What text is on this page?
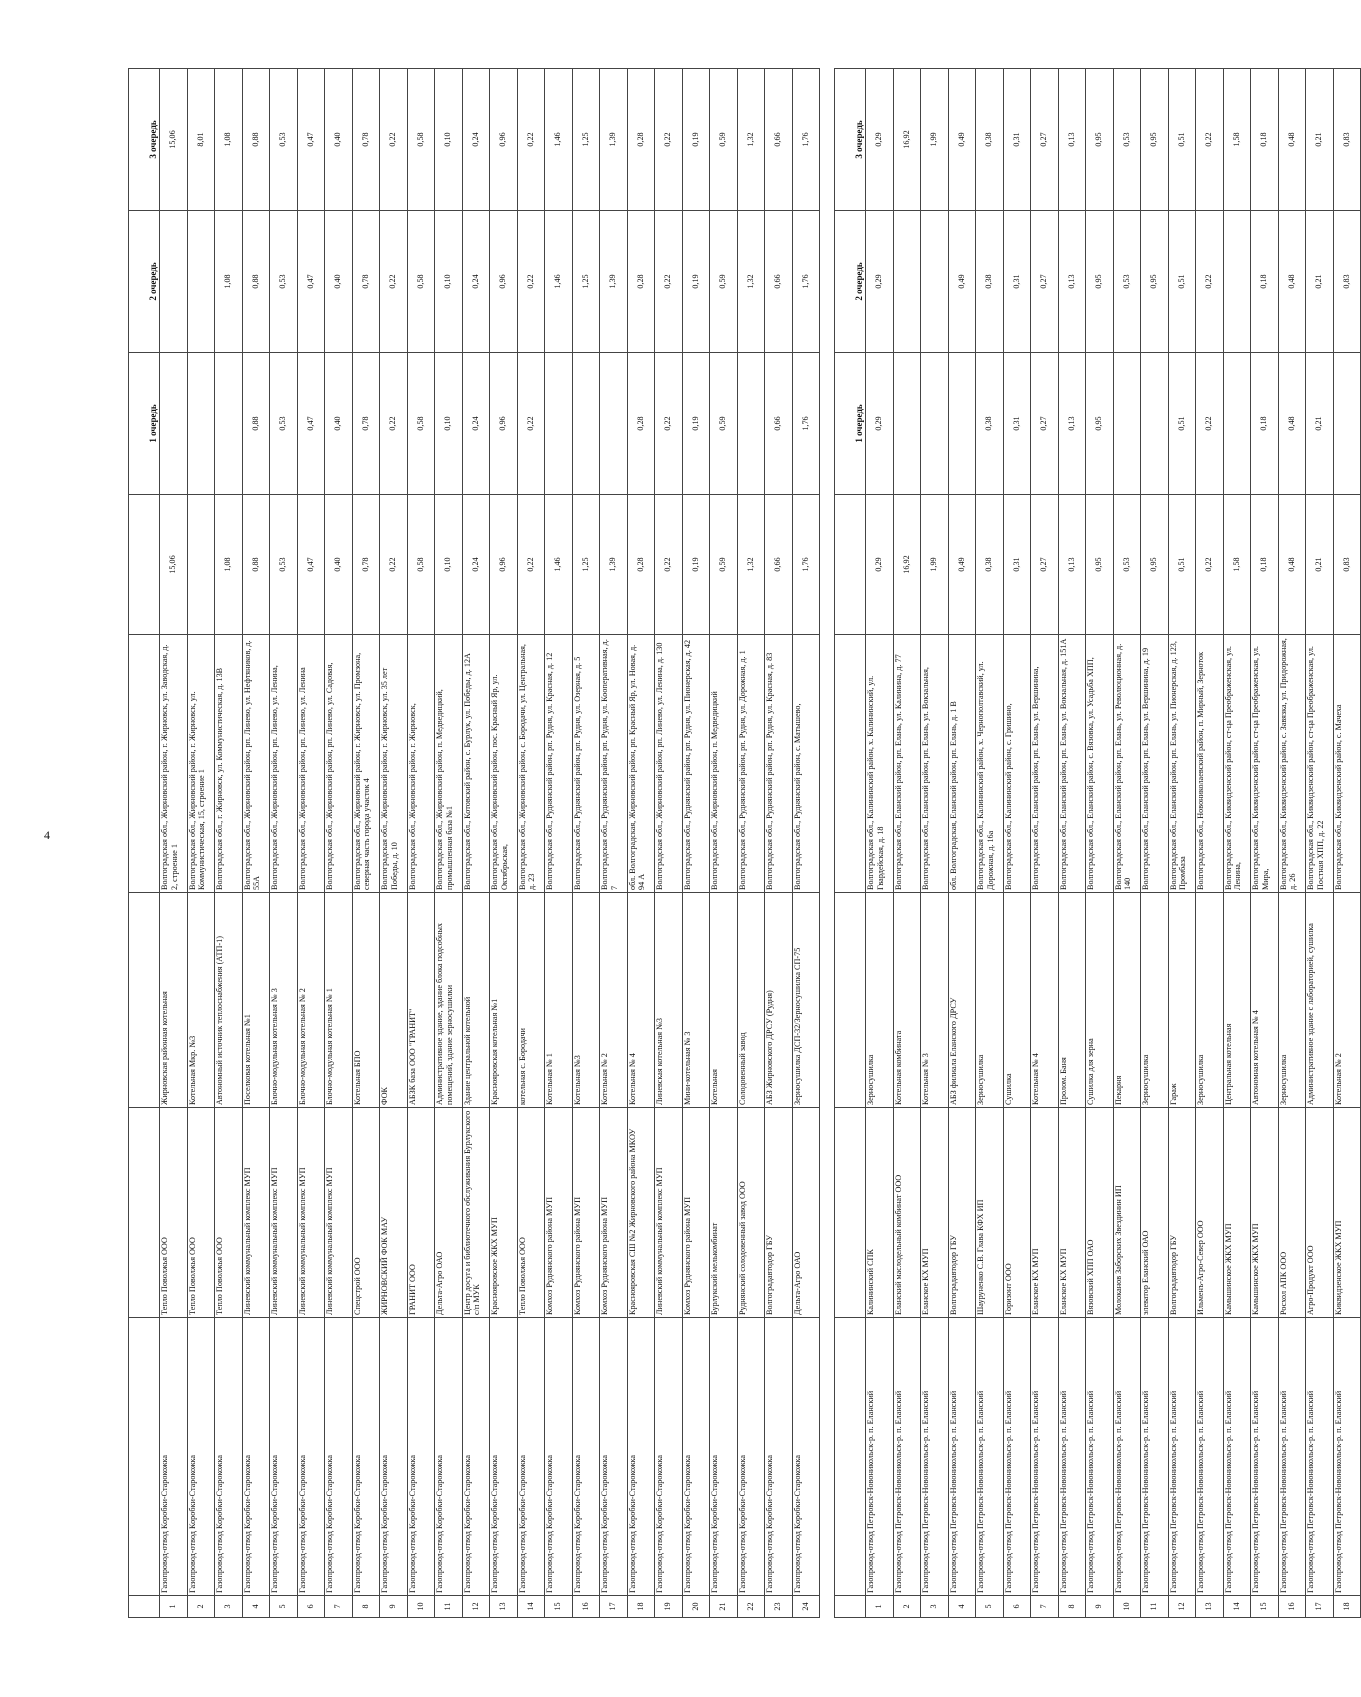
4
						1 очередь	2 очередь	3 очередь
1	Газопровод-отвод Коробки-Старокожка	Тепло Поволжья ООО	Жирновская районная котельная	Волгоградская обл., Жирновский район, г. Жирновск, ул. Заводская, д. 2, строение 1	15,06			15,06
2	Газопровод-отвод Коробки-Старокожка	Тепло Поволжья ООО	Котельная Мкр. №3	Волгоградская обл., Жирновский район, г. Жирновск, ул. Коммунистическая, 15, строение 1				8,01
3	Газопровод-отвод Коробки-Старокожка	Тепло Поволжья ООО	Автономный источник теплоснабжения (АТП-1)	Волгоградская обл., г. Жирновск, ул. Коммунистическая, д. 13В	1,08		1,08	1,08
4	Газопровод-отвод Коробки-Старокожка	Линевский коммунальный комплекс МУП	Поселковая котельная №1	Волгоградская обл., Жирновский район, рп. Линево, ул. Нефтяников, д. 55А	0,88	0,88	0,88	0,88
5	Газопровод-отвод Коробки-Старокожка	Линевский коммунальный комплекс МУП	Блочно-модульная котельная № 3	Волгоградская обл., Жирновский район, рп. Линево, ул. Ленина,	0,53	0,53	0,53	0,53
6	Газопровод-отвод Коробки-Старокожка	Линевский коммунальный комплекс МУП	Блочно-модульная котельная № 2	Волгоградская обл., Жирновский район, рп. Линево, ул. Ленина	0,47	0,47	0,47	0,47
7	Газопровод-отвод Коробки-Старокожка	Линевский коммунальный комплекс МУП	Блочно-модульная котельная № 1	Волгоградская обл., Жирновский район, рп. Линево, ул. Садовая,	0,40	0,40	0,40	0,40
8	Газопровод-отвод Коробки-Старокожка	Спецстрой ООО	Котельная БПО	Волгоградская обл., Жирновский район, г. Жирновск, ул. Промзона, северная часть города участок 4	0,78	0,78	0,78	0,78
9	Газопровод-отвод Коробки-Старокожка	ЖИРНОВСКИЙ ФОК МАУ	ФОК	Волгоградская обл., Жирновский район, г. Жирновск, ул. 35 лет Победы, д. 10	0,22	0,22	0,22	0,22
10	Газопровод-отвод Коробки-Старокожка	ГРАНИТ ООО	АБЗК база ООО "ГРАНИТ"	Волгоградская обл., Жирновский район, г. Жирновск,	0,58	0,58	0,58	0,58
11	Газопровод-отвод Коробки-Старокожка	Дельта-Агро ОАО	Административное здание, здание блока подсобных помещений, здание зерносушилки	Волгоградская обл., Жирновский район, п. Медведицкий, промышленная база №1	0,10	0,10	0,10	0,10
12	Газопровод-отвод Коробки-Старокожка	Центр досуга и библиотечного обслуживания Бурлукского с/п МУК	Здание центральной котельной	Волгоградская обл., Котовский район, с. Бурлук, ул. Победы, д. 12А	0,24	0,24	0,24	0,24
13	Газопровод-отвод Коробки-Старокожка	Краснояровское ЖКХ МУП	Краснояровская котельная №1	Волгоградская обл., Жирновский район, пос. Красный Яр, ул. Октябрьская,	0,96	0,96	0,96	0,96
14	Газопровод-отвод Коробки-Старокожка	Тепло Поволжья ООО	котельная с. Бородачи	Волгоградская обл., Жирновский район, с. Бородачи, ул. Центральная, д. 23	0,22	0,22	0,22	0,22
15	Газопровод-отвод Коробки-Старокожка	Комхоз Руднянского района МУП	Котельная № 1	Волгоградская обл., Руднянский район, рп. Рудня, ул. Красная, д. 12	1,46		1,46	1,46
16	Газопровод-отвод Коробки-Старокожка	Комхоз Руднянского района МУП	Котельная №3	Волгоградская обл., Руднянский район, рп. Рудня, ул. Озерная, д. 5	1,25		1,25	1,25
17	Газопровод-отвод Коробки-Старокожка	Комхоз Руднянского района МУП	Котельная № 2	Волгоградская обл., Руднянский район, рп. Рудня, ул. Кооперативная, д. 7	1,39		1,39	1,39
18	Газопровод-отвод Коробки-Старокожка	Краснояровская СШ №2 Жирновского района МКОУ	Котельная № 4	обл. Волгоградская, Жирновский район, рп. Красный Яр, ул. Новая, д. 94 А	0,28	0,28	0,28	0,28
19	Газопровод-отвод Коробки-Старокожка	Линевский коммунальный комплекс МУП	Линевская котельная №3	Волгоградская обл., Жирновский район, рп. Линево, ул. Ленина, д. 130	0,22	0,22	0,22	0,22
20	Газопровод-отвод Коробки-Старокожка	Комхоз Руднянского района МУП	Мини-котельная № 3	Волгоградская обл., Руднянский район, рп. Рудня, ул. Пионерская, д. 42	0,19	0,19	0,19	0,19
21	Газопровод-отвод Коробки-Старокожка	Бурлукский мелькомбинат	Котельная	Волгоградская обл., Жирновский район, п. Медведицкий	0,59	0,59	0,59	0,59
22	Газопровод-отвод Коробки-Старокожка	Руднянский солодовенный завод ООО	Солодовенный завод	Волгоградская обл., Руднянский район, рп. Рудня, ул. Дорожная, д. 1	1,32		1,32	1,32
23	Газопровод-отвод Коробки-Старокожка	Волгоградавтодор ГБУ	АБЗ Жирновского ДРСУ (Рудня)	Волгоградская обл., Руднянский район, рп. Рудня, ул. Красная, д. 83	0,66	0,66	0,66	0,66
24	Газопровод-отвод Коробки-Старокожка	Дельта-Агро ОАО	Зерносушилка ДСП-32/Зерносушилка СП-75	Волгоградская обл., Руднянский район, с. Матышево,	1,76	1,76	1,76	1,76

						1 очередь	2 очередь	3 очередь
1	Газопровод-отвод Петровск-Новоникольск-р. п. Еланский	Калининский СПК	Зерносушилка	Волгоградская обл., Калининский район, х. Калининский, ул. Гвардейская, д. 18	0,29	0,29	0,29	0,29
2	Газопровод-отвод Петровск-Новоникольск-р. п. Еланский	Еланский маслодельный комбинат ООО	Котельная комбината	Волгоградская обл., Еланский район, рп. Елань, ул. Калинина, д. 77	16,92			16,92
3	Газопровод-отвод Петровск-Новоникольск-р. п. Еланский	Еланское КХ МУП	Котельная № 3	Волгоградская обл., Еланский район, рп. Елань, ул. Вокзальная,	1,99			1,99
4	Газопровод-отвод Петровск-Новоникольск-р. п. Еланский	Волгоградавтодор ГБУ	АБЗ филиала Еланского ДРСУ	обл. Волгоградская, Еланский район, рп. Елань, д. 1 В	0,49		0,49	0,49
5	Газопровод-отвод Петровск-Новоникольск-р. п. Еланский	Шауруненко С.В. Глава КФХ ИП	Зерносушилка	Волгоградская обл., Калининский район, х. Чернополтавский, ул. Дорожная, д. 16а	0,38	0,38	0,38	0,38
6	Газопровод-отвод Петровск-Новоникольск-р. п. Еланский	Горизонт ООО	Сушилка	Волгоградская обл., Калининский район, с. Гришино,	0,31	0,31	0,31	0,31
7	Газопровод-отвод Петровск-Новоникольск-р. п. Еланский	Еланское КХ МУП	Котельная № 4	Волгоградская обл., Еланский район, рп. Елань, ул. Вершинина,	0,27	0,27	0,27	0,27
8	Газопровод-отвод Петровск-Новоникольск-р. п. Еланский	Еланское КХ МУП	Пролом. Баня	Волгоградская обл., Еланский район, рп. Елань, ул. Вокзальная, д. 151А	0,13	0,13	0,13	0,13
9	Газопровод-отвод Петровск-Новоникольск-р. п. Еланский	Вязовский ХПП ОАО	Сушилка для зерна	Волгоградская обл., Еланский район, с. Вязовка, ул. Усадьба ХПП,	0,95	0,95	0,95	0,95
10	Газопровод-отвод Петровск-Новоникольск-р. п. Еланский	Молоканов Заборских Звездинин ИП	Пекарня	Волгоградская обл., Еланский район, рп. Елань, ул. Революционная, д. 140	0,53		0,53	0,53
11	Газопровод-отвод Петровск-Новоникольск-р. п. Еланский	элеватор Еланский ОАО	Зерносушилка	Волгоградская обл., Еланский район, рп. Елань, ул. Вершинина, д. 19	0,95		0,95	0,95
12	Газопровод-отвод Петровск-Новоникольск-р. п. Еланский	Волгоградавтодор ГБУ	Гараж	Волгоградская обл., Еланский район, рп. Елань, ул. Пионерская, д. 123, Промбаза	0,51	0,51	0,51	0,51
13	Газопровод-отвод Петровск-Новоникольск-р. п. Еланский	Ильменъ-Агро-Север ООО	Зерносушилка	Волгоградская обл., Новониколаевский район, п. Мирный, Зерноток	0,22	0,22	0,22	0,22
14	Газопровод-отвод Петровск-Новоникольск-р. п. Еланский	Камышинское ЖКХ МУП	Центральная котельная	Волгоградская обл., Киквидзенский район, ст-ца Преображенская, ул. Ленина,	1,58			1,58
15	Газопровод-отвод Петровск-Новоникольск-р. п. Еланский	Камышинское ЖКХ МУП	Автономная котельная № 4	Волгоградская обл., Киквидзенский район, ст-ца Преображенская, ул. Мира,	0,18	0,18	0,18	0,18
16	Газопровод-отвод Петровск-Новоникольск-р. п. Еланский	Росхол АПК ООО	Зерносушилка	Волгоградская обл., Киквидзенский район, с. Завязка, ул. Придорожная, д. 26	0,48	0,48	0,48	0,48
17	Газопровод-отвод Петровск-Новоникольск-р. п. Еланский	Агро-Продукт ООО	Административное здание с лабораторией, сушилка	Волгоградская обл., Киквидзенский район, ст-ца Преображенская, ул. Постная ХПП, д. 22	0,21	0,21	0,21	0,21
18	Газопровод-отвод Петровск-Новоникольск-р. п. Еланский	Киквидзенское ЖКХ МУП	Котельная № 2	Волгоградская обл., Киквидзенский район, с. Мачеха	0,83		0,83	0,83
